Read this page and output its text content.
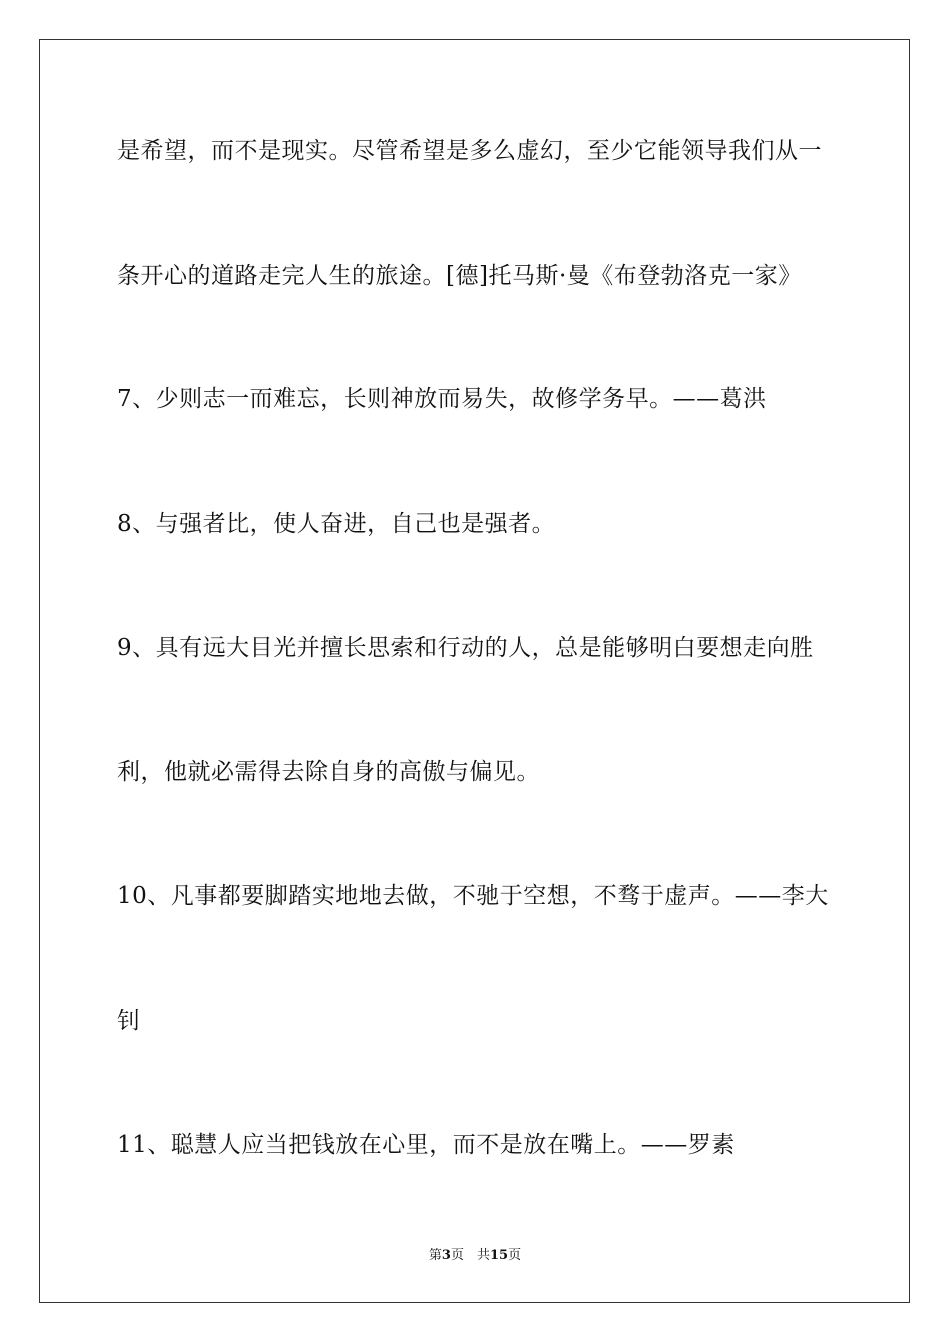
是希望，而不是现实。尽管希望是多么虚幻，至少它能领导我们从一
条开心的道路走完人生的旅途。[德]托马斯·曼《布登勃洛克一家》
7、少则志一而难忘，长则神放而易失，故修学务早。——葛洪
8、与强者比，使人奋进，自己也是强者。
9、具有远大目光并擅长思索和行动的人，总是能够明白要想走向胜
利，他就必需得去除自身的高傲与偏见。
10、凡事都要脚踏实地地去做，不驰于空想，不骛于虚声。——李大
钊
11、聪慧人应当把钱放在心里，而不是放在嘴上。——罗素
第3页　共15页
